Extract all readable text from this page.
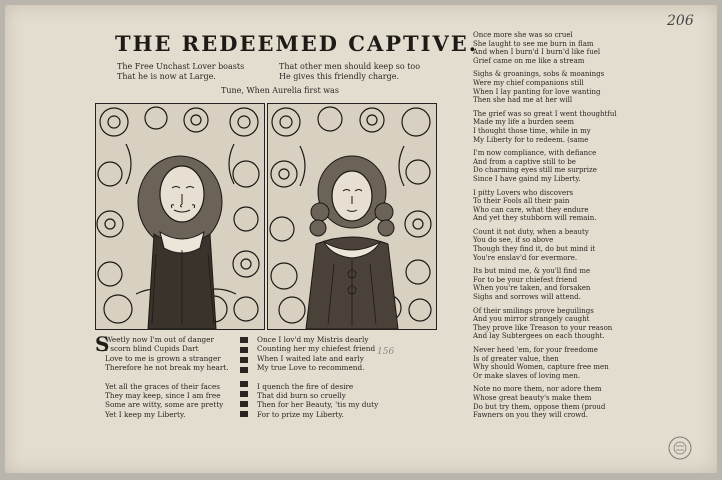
206
THE REDEEMED CAPTIVE.
The Free Unchast Lover boasts
That he is now at Large.
That other men should keep so too
He gives this friendly charge.
Tune, When Aurelia first was
S

Weetly now I'm out of danger

I scorn blind Cupids Dart

Love to me is grown a stranger

Therefore he not break my heart.

Yet all the graces of their faces

They may keep, since I am free

Some are witty, some are pretty

Yet I keep my Liberty.

Once I lov'd my Mistris dearly

Counting her my chiefest friend

When I waited late and early

My true Love to recommend.

I quench the fire of desire

That did burn so cruelly

Then for her Beauty, 'tis my duty

For to prize my Liberty.

156

Once more she was so cruel

She laught to see me burn in flam

And when I burn'd I burn'd like fuel

Grief came on me like a stream

Sighs & groanings, sobs & moanings

Were my chief companions still

When I lay panting for love wanting

Then she had me at her will

The grief was so great I went thoughtful

Made my life a burden seem

I thought those time, while in my

My Liberty for to redeem. (same

I'm now compliance, with defiance

And from a captive still to be

Do charming eyes still me surprize

Since I have gaind my Liberty.

I pitty Lovers who discovers

To their Fools all their pain

Who can care, what they endure

And yet they stubborn will remain.

Count it not duty, when a beauty

You do see, if so above

Though they find it, do but mind it

You're enslav'd for evermore.

Its but mind me, & you'll find me

For to be your chiefest friend

When you're taken, and forsaken

Sighs and sorrows will attend.

Of their smilings prove beguilings

And you mirror strangely caught

They prove like Treason to your reason

And lay Subtergees on each thought.

Never heed 'em, for your freedome

Is of greater value, then

Why should Women, capture free men

Or make slaves of loving men.

Note no more them, nor adore them

Whose great beauty's make them

Do but try them, oppose them (proud

Fawners on you they will crowd.
